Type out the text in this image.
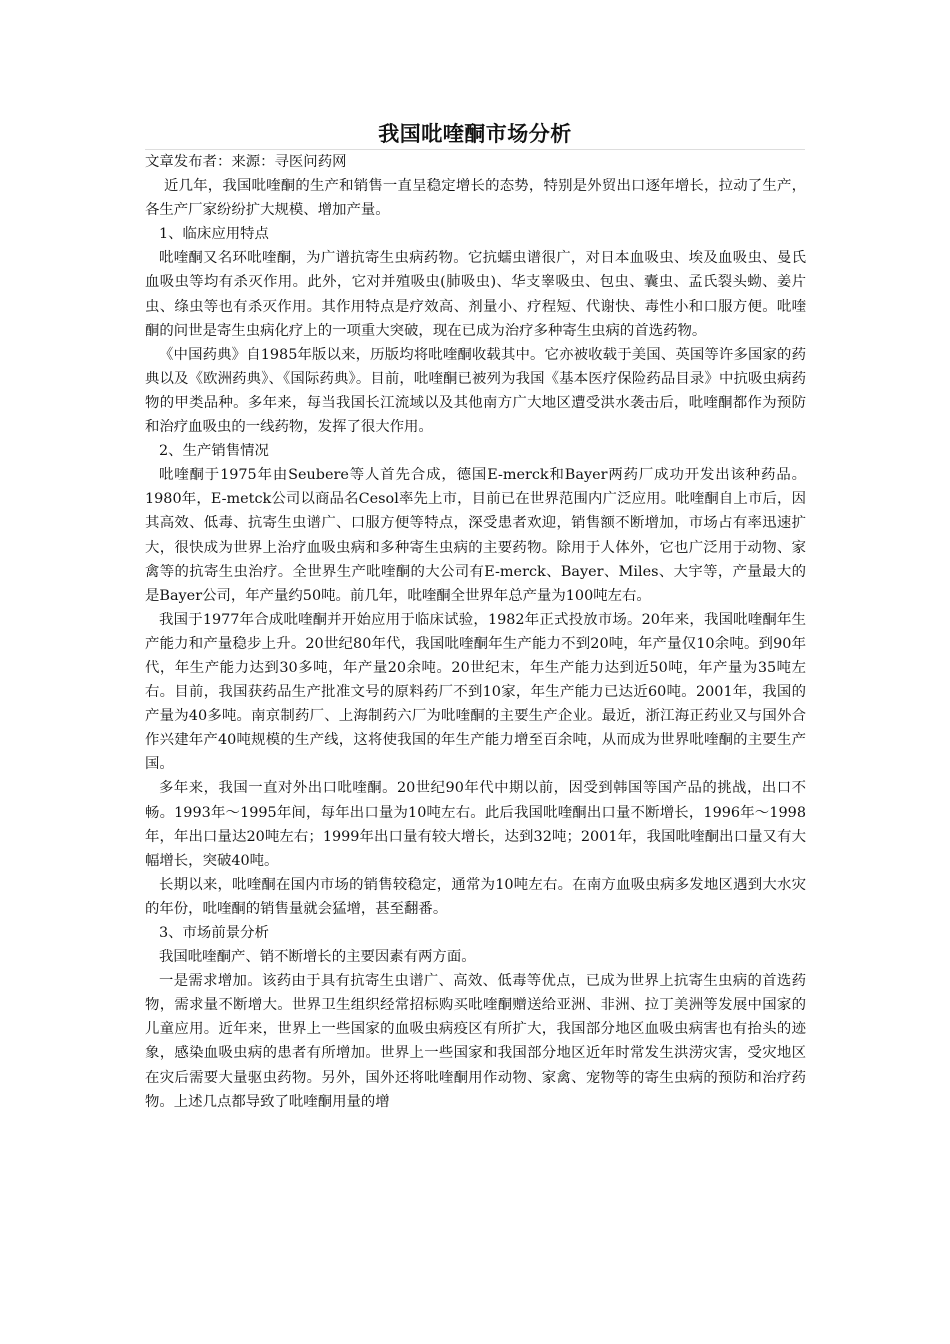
我国吡喹酮市场分析

文章发布者：来源：寻医问药网

近几年，我国吡喹酮的生产和销售一直呈稳定增长的态势，特别是外贸出口逐年增长，拉动了生产，各生产厂家纷纷扩大规模、增加产量。

1、临床应用特点

吡喹酮又名环吡喹酮，为广谱抗寄生虫病药物。它抗蠕虫谱很广，对日本血吸虫、埃及血吸虫、曼氏血吸虫等均有杀灭作用。此外，它对并殖吸虫(肺吸虫)、华支睾吸虫、包虫、囊虫、孟氏裂头蚴、姜片虫、绦虫等也有杀灭作用。其作用特点是疗效高、剂量小、疗程短、代谢快、毒性小和口服方便。吡喹酮的问世是寄生虫病化疗上的一项重大突破，现在已成为治疗多种寄生虫病的首选药物。

《中国药典》自1985年版以来，历版均将吡喹酮收载其中。它亦被收载于美国、英国等许多国家的药典以及《欧洲药典》、《国际药典》。目前，吡喹酮已被列为我国《基本医疗保险药品目录》中抗吸虫病药物的甲类品种。多年来，每当我国长江流域以及其他南方广大地区遭受洪水袭击后，吡喹酮都作为预防和治疗血吸虫的一线药物，发挥了很大作用。

2、生产销售情况

吡喹酮于1975年由Seubere等人首先合成，德国E-merck和Bayer两药厂成功开发出该种药品。1980年，E-metck公司以商品名Cesol率先上市，目前已在世界范围内广泛应用。吡喹酮自上市后，因其高效、低毒、抗寄生虫谱广、口服方便等特点，深受患者欢迎，销售额不断增加，市场占有率迅速扩大，很快成为世界上治疗血吸虫病和多种寄生虫病的主要药物。除用于人体外，它也广泛用于动物、家禽等的抗寄生虫治疗。全世界生产吡喹酮的大公司有E-merck、Bayer、Miles、大宇等，产量最大的是Bayer公司，年产量约50吨。前几年，吡喹酮全世界年总产量为100吨左右。

我国于1977年合成吡喹酮并开始应用于临床试验，1982年正式投放市场。20年来，我国吡喹酮年生产能力和产量稳步上升。20世纪80年代，我国吡喹酮年生产能力不到20吨，年产量仅10余吨。到90年代，年生产能力达到30多吨，年产量20余吨。20世纪末，年生产能力达到近50吨，年产量为35吨左右。目前，我国获药品生产批准文号的原料药厂不到10家，年生产能力已达近60吨。2001年，我国的产量为40多吨。南京制药厂、上海制药六厂为吡喹酮的主要生产企业。最近，浙江海正药业又与国外合作兴建年产40吨规模的生产线，这将使我国的年生产能力增至百余吨，从而成为世界吡喹酮的主要生产国。

多年来，我国一直对外出口吡喹酮。20世纪90年代中期以前，因受到韩国等国产品的挑战，出口不畅。1993年～1995年间，每年出口量为10吨左右。此后我国吡喹酮出口量不断增长，1996年～1998年，年出口量达20吨左右；1999年出口量有较大增长，达到32吨；2001年，我国吡喹酮出口量又有大幅增长，突破40吨。

长期以来，吡喹酮在国内市场的销售较稳定，通常为10吨左右。在南方血吸虫病多发地区遇到大水灾的年份，吡喹酮的销售量就会猛增，甚至翻番。

3、市场前景分析

我国吡喹酮产、销不断增长的主要因素有两方面。

一是需求增加。该药由于具有抗寄生虫谱广、高效、低毒等优点，已成为世界上抗寄生虫病的首选药物，需求量不断增大。世界卫生组织经常招标购买吡喹酮赠送给亚洲、非洲、拉丁美洲等发展中国家的儿童应用。近年来，世界上一些国家的血吸虫病疫区有所扩大，我国部分地区血吸虫病害也有抬头的迹象，感染血吸虫病的患者有所增加。世界上一些国家和我国部分地区近年时常发生洪涝灾害，受灾地区在灾后需要大量驱虫药物。另外，国外还将吡喹酮用作动物、家禽、宠物等的寄生虫病的预防和治疗药物。上述几点都导致了吡喹酮用量的增
